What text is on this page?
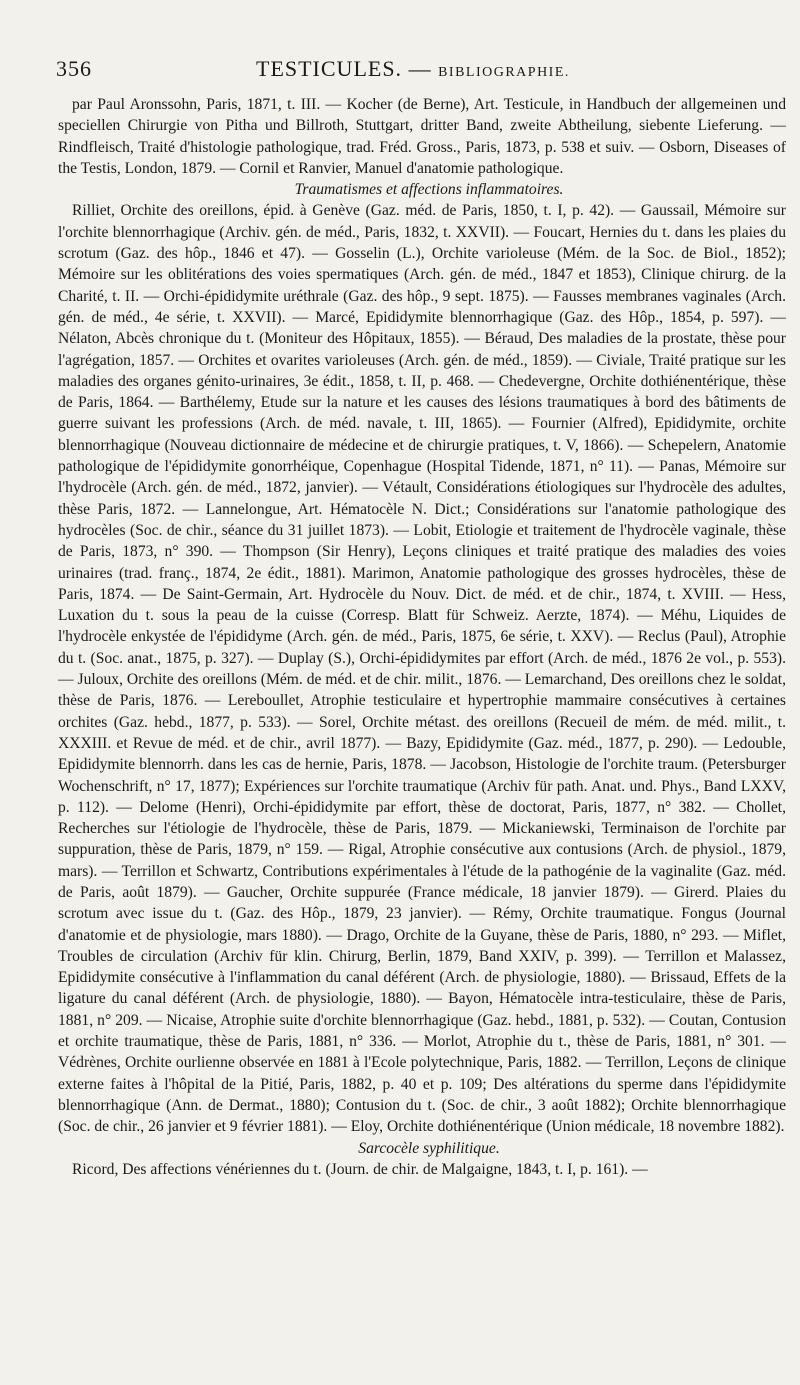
356	TESTICULES. — BIBLIOGRAPHIE.

par Paul Aronssohn, Paris, 1871, t. III. — Kocher (de Berne), Art. Testicule, in Handbuch der allgemeinen und speciellen Chirurgie von Pitha und Billroth, Stuttgart, dritter Band, zweite Abtheilung, siebente Lieferung. — Rindfleisch, Traité d'histologie pathologique, trad. Fréd. Gross., Paris, 1873, p. 538 et suiv. — Osborn, Diseases of the Testis, London, 1879. — Cornil et Ranvier, Manuel d'anatomie pathologique.

Traumatismes et affections inflammatoires.

Rilliet, Orchite des oreillons, épid. à Genève (Gaz. méd. de Paris, 1850, t. I, p. 42). — Gaussail, Mémoire sur l'orchite blennorrhagique (Archiv. gén. de méd., Paris, 1832, t. XXVII). — Foucart, Hernies du t. dans les plaies du scrotum (Gaz. des hôp., 1846 et 47). — Gosselin (L.), Orchite varioleuse (Mém. de la Soc. de Biol., 1852); Mémoire sur les oblitérations des voies spermatiques (Arch. gén. de méd., 1847 et 1853), Clinique chirurg. de la Charité, t. II. — Orchi-épididymite uréthrale (Gaz. des hôp., 9 sept. 1875). — Fausses membranes vaginales (Arch. gén. de méd., 4e série, t. XXVII). — Marcé, Epididymite blennorrhagique (Gaz. des Hôp., 1854, p. 597). — Nélaton, Abcès chronique du t. (Moniteur des Hôpitaux, 1855). — Béraud, Des maladies de la prostate, thèse pour l'agrégation, 1857. — Orchites et ovarites varioleuses (Arch. gén. de méd., 1859). — Civiale, Traité pratique sur les maladies des organes génito-urinaires, 3e édit., 1858, t. II, p. 468. — Chedevergne, Orchite dothiénentérique, thèse de Paris, 1864. — Barthélemy, Etude sur la nature et les causes des lésions traumatiques à bord des bâtiments de guerre suivant les professions (Arch. de méd. navale, t. III, 1865). — Fournier (Alfred), Epididymite, orchite blennorrhagique (Nouveau dictionnaire de médecine et de chirurgie pratiques, t. V, 1866). — Schepelern, Anatomie pathologique de l'épididymite gonorrhéique, Copenhague (Hospital Tidende, 1871, n° 11). — Panas, Mémoire sur l'hydrocèle (Arch. gén. de méd., 1872, janvier). — Vétault, Considérations étiologiques sur l'hydrocèle des adultes, thèse Paris, 1872. — Lannelongue, Art. Hématocèle N. Dict.; Considérations sur l'anatomie pathologique des hydrocèles (Soc. de chir., séance du 31 juillet 1873). — Lobit, Etiologie et traitement de l'hydrocèle vaginale, thèse de Paris, 1873, n° 390. — Thompson (Sir Henry), Leçons cliniques et traité pratique des maladies des voies urinaires (trad. franç., 1874, 2e édit., 1881). Marimon, Anatomie pathologique des grosses hydrocèles, thèse de Paris, 1874. — De Saint-Germain, Art. Hydrocèle du Nouv. Dict. de méd. et de chir., 1874, t. XVIII. — Hess, Luxation du t. sous la peau de la cuisse (Corresp. Blatt für Schweiz. Aerzte, 1874). — Méhu, Liquides de l'hydrocèle enkystée de l'épididyme (Arch. gén. de méd., Paris, 1875, 6e série, t. XXV). — Reclus (Paul), Atrophie du t. (Soc. anat., 1875, p. 327). — Duplay (S.), Orchi-épididymites par effort (Arch. de méd., 1876 2e vol., p. 553). — Juloux, Orchite des oreillons (Mém. de méd. et de chir. milit., 1876. — Lemarchand, Des oreillons chez le soldat, thèse de Paris, 1876. — Lereboullet, Atrophie testiculaire et hypertrophie mammaire consécutives à certaines orchites (Gaz. hebd., 1877, p. 533). — Sorel, Orchite métast. des oreillons (Recueil de mém. de méd. milit., t. XXXIII. et Revue de méd. et de chir., avril 1877). — Bazy, Epididymite (Gaz. méd., 1877, p. 290). — Ledouble, Epididymite blennorrh. dans les cas de hernie, Paris, 1878. — Jacobson, Histologie de l'orchite traum. (Petersburger Wochenschrift, n° 17, 1877); Expériences sur l'orchite traumatique (Archiv für path. Anat. und. Phys., Band LXXV, p. 112). — Delome (Henri), Orchi-épididymite par effort, thèse de doctorat, Paris, 1877, n° 382. — Chollet, Recherches sur l'étiologie de l'hydrocèle, thèse de Paris, 1879. — Mickaniewski, Terminaison de l'orchite par suppuration, thèse de Paris, 1879, n° 159. — Rigal, Atrophie consécutive aux contusions (Arch. de physiol., 1879, mars). — Terrillon et Schwartz, Contributions expérimentales à l'étude de la pathogénie de la vaginalite (Gaz. méd. de Paris, août 1879). — Gaucher, Orchite suppurée (France médicale, 18 janvier 1879). — Girerd. Plaies du scrotum avec issue du t. (Gaz. des Hôp., 1879, 23 janvier). — Rémy, Orchite traumatique. Fongus (Journal d'anatomie et de physiologie, mars 1880). — Drago, Orchite de la Guyane, thèse de Paris, 1880, n° 293. — Miflet, Troubles de circulation (Archiv für klin. Chirurg, Berlin, 1879, Band XXIV, p. 399). — Terrillon et Malassez, Epididymite consécutive à l'inflammation du canal déférent (Arch. de physiologie, 1880). — Brissaud, Effets de la ligature du canal déférent (Arch. de physiologie, 1880). — Bayon, Hématocèle intra-testiculaire, thèse de Paris, 1881, n° 209. — Nicaise, Atrophie suite d'orchite blennorrhagique (Gaz. hebd., 1881, p. 532). — Coutan, Contusion et orchite traumatique, thèse de Paris, 1881, n° 336. — Morlot, Atrophie du t., thèse de Paris, 1881, n° 301. — Védrènes, Orchite ourlienne observée en 1881 à l'Ecole polytechnique, Paris, 1882. — Terrillon, Leçons de clinique externe faites à l'hôpital de la Pitié, Paris, 1882, p. 40 et p. 109; Des altérations du sperme dans l'épididymite blennorrhagique (Ann. de Dermat., 1880); Contusion du t. (Soc. de chir., 3 août 1882); Orchite blennorrhagique (Soc. de chir., 26 janvier et 9 février 1881). — Eloy, Orchite dothiénentérique (Union médicale, 18 novembre 1882).

Sarcocèle syphilitique.

Ricord, Des affections vénériennes du t. (Journ. de chir. de Malgaigne, 1843, t. I, p. 161). —
